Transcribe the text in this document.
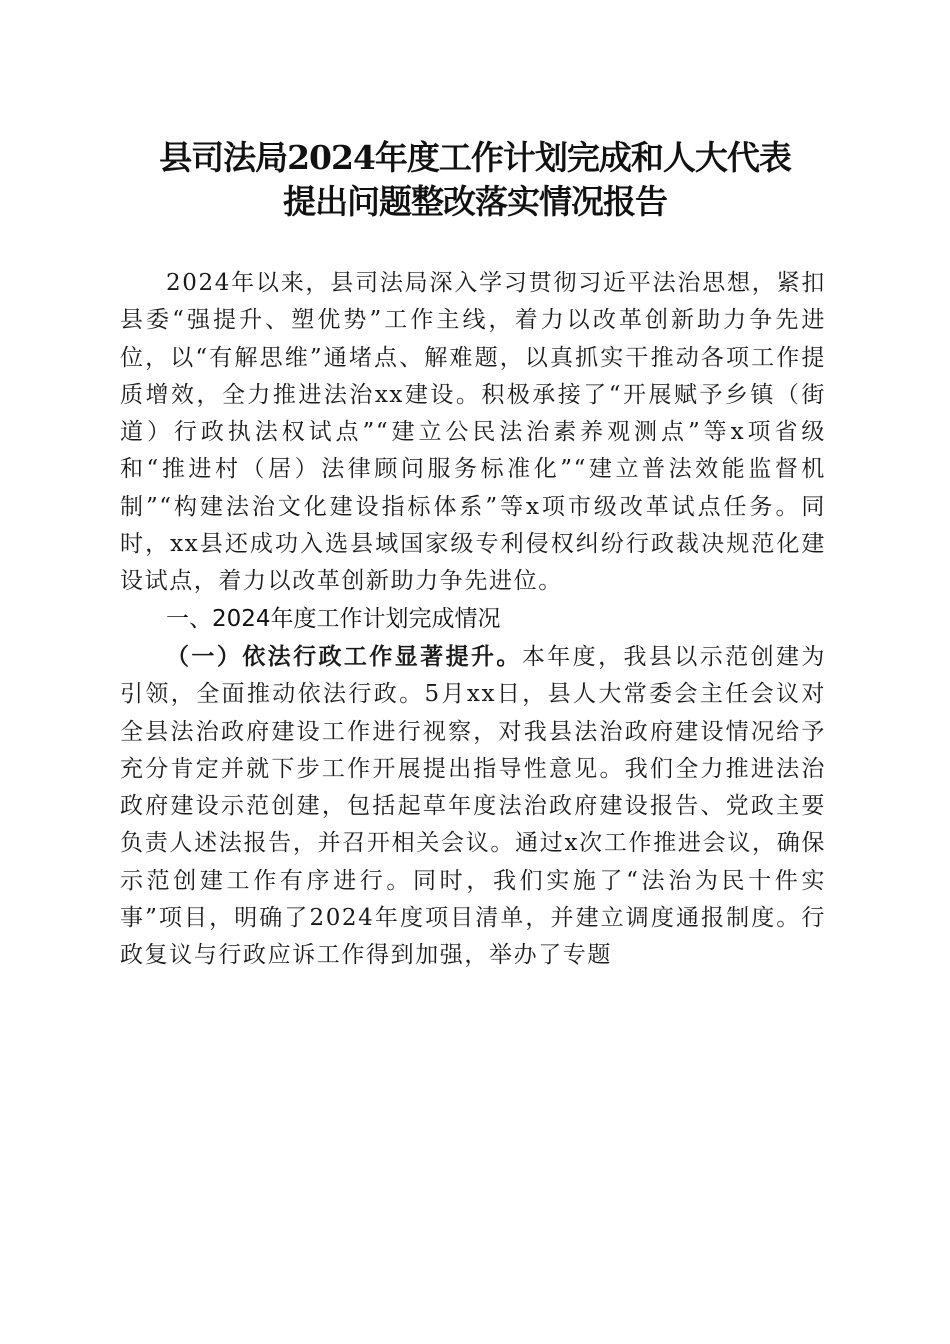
县司法局2024年度工作计划完成和人大代表
提出问题整改落实情况报告

2024年以来，县司法局深入学习贯彻习近平法治思想，紧扣县委“强提升、塑优势”工作主线，着力以改革创新助力争先进位，以“有解思维”通堵点、解难题，以真抓实干推动各项工作提质增效，全力推进法治xx建设。积极承接了“开展赋予乡镇（街道）行政执法权试点”“建立公民法治素养观测点”等x项省级和“推进村（居）法律顾问服务标准化”“建立普法效能监督机制”“构建法治文化建设指标体系”等x项市级改革试点任务。同时，xx县还成功入选县域国家级专利侵权纠纷行政裁决规范化建设试点，着力以改革创新助力争先进位。

一、2024年度工作计划完成情况

（一）依法行政工作显著提升。本年度，我县以示范创建为引领，全面推动依法行政。5月xx日，县人大常委会主任会议对全县法治政府建设工作进行视察，对我县法治政府建设情况给予充分肯定并就下步工作开展提出指导性意见。我们全力推进法治政府建设示范创建，包括起草年度法治政府建设报告、党政主要负责人述法报告，并召开相关会议。通过x次工作推进会议，确保示范创建工作有序进行。同时，我们实施了“法治为民十件实事”项目，明确了2024年度项目清单，并建立调度通报制度。行政复议与行政应诉工作得到加强，举办了专题
